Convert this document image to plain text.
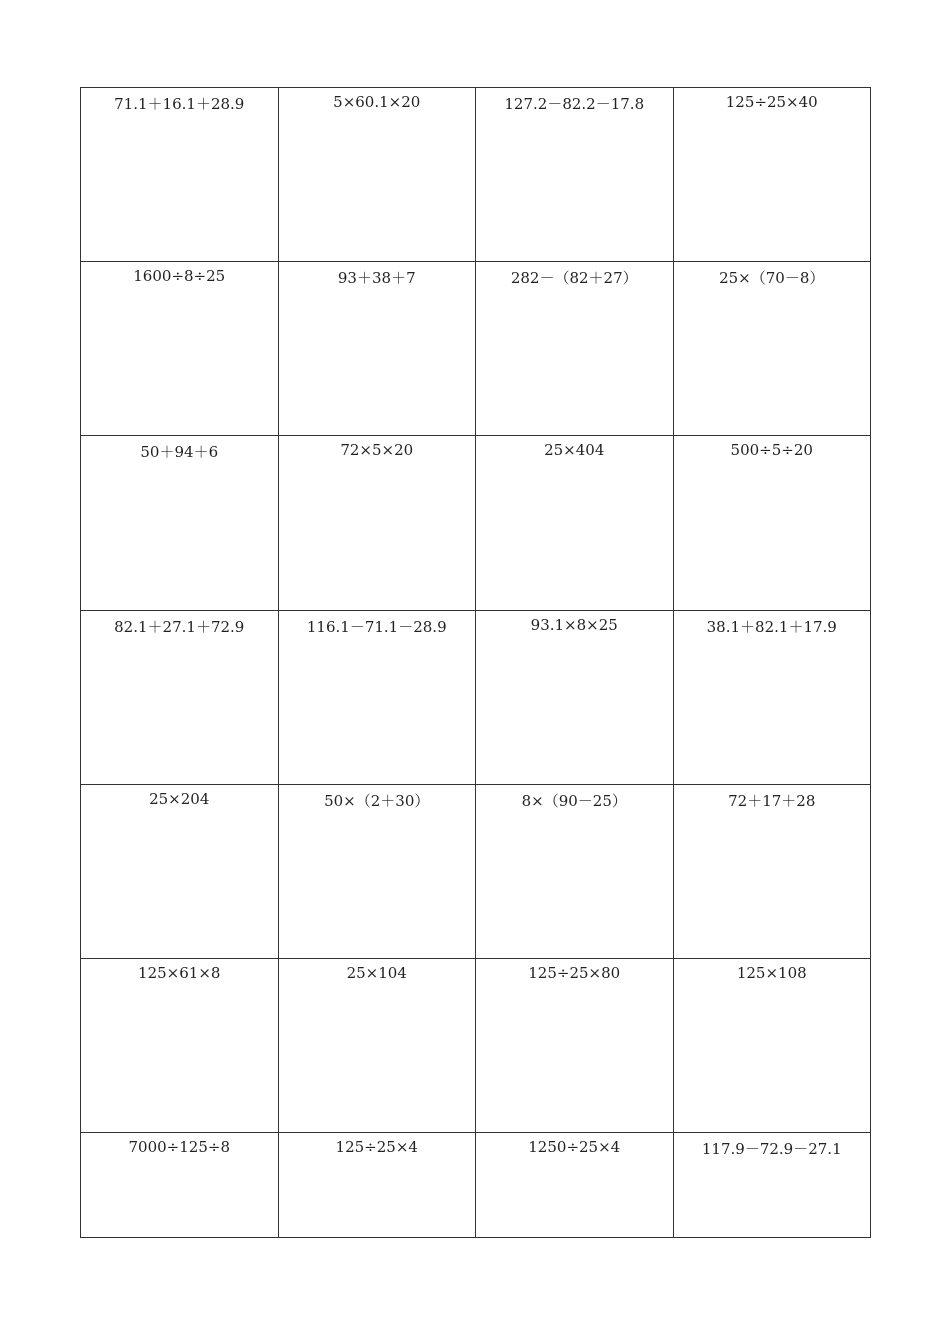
71.1＋16.1＋28.9	5×60.1×20	127.2－82.2－17.8	125÷25×40
1600÷8÷25	93＋38＋7	282－（82＋27）	25×（70－8）
50＋94＋6	72×5×20	25×404	500÷5÷20
82.1＋27.1＋72.9	116.1－71.1－28.9	93.1×8×25	38.1＋82.1＋17.9
25×204	50×（2＋30）	8×（90－25）	72＋17＋28
125×61×8	25×104	125÷25×80	125×108
7000÷125÷8	125÷25×4	1250÷25×4	117.9－72.9－27.1
